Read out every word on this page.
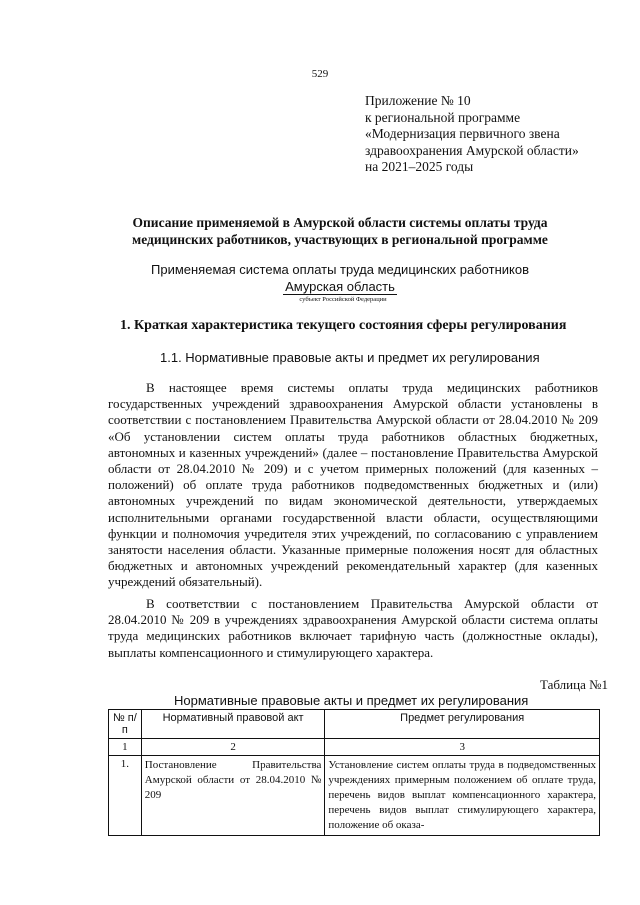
529
Приложение № 10
к региональной программе
«Модернизация первичного звена
здравоохранения Амурской области»
на 2021–2025 годы
Описание применяемой в Амурской области системы оплаты труда
медицинских работников, участвующих в региональной программе
Применяемая система оплаты труда медицинских работников
Амурская область
субъект Российской Федерации
1. Краткая характеристика текущего состояния сферы регулирования
1.1. Нормативные правовые акты и предмет их регулирования

В настоящее время системы оплаты труда медицинских работников государственных учреждений здравоохранения Амурской области установлены в соответствии с постановлением Правительства Амурской области от 28.04.2010 № 209 «Об установлении систем оплаты труда работников областных бюджетных, автономных и казенных учреждений» (далее – постановление Правительства Амурской области от 28.04.2010 № 209) и с учетом примерных положений (для казенных – положений) об оплате труда работников подведомственных бюджетных и (или) автономных учреждений по видам экономической деятельности, утверждаемых исполнительными органами государственной власти области, осуществляющими функции и полномочия учредителя этих учреждений, по согласованию с управлением занятости населения области. Указанные примерные положения носят для областных бюджетных и автономных учреждений рекомендательный характер (для казенных учреждений обязательный).

В соответствии с постановлением Правительства Амурской области от 28.04.2010 № 209 в учреждениях здравоохранения Амурской области система оплаты труда медицинских работников включает тарифную часть (должностные оклады), выплаты компенсационного и стимулирующего характера.

Таблица №1
Нормативные правовые акты и предмет их регулирования
№ п/п	Нормативный правовой акт	Предмет регулирования
1	2	3
1.	Постановление Правительства Амурской области от 28.04.2010 № 209	Установление систем оплаты труда в подведомственных учреждениях примерным положением об оплате труда, перечень видов выплат компенсационного характера, перечень видов выплат стимулирующего характера, положение об оказа-
